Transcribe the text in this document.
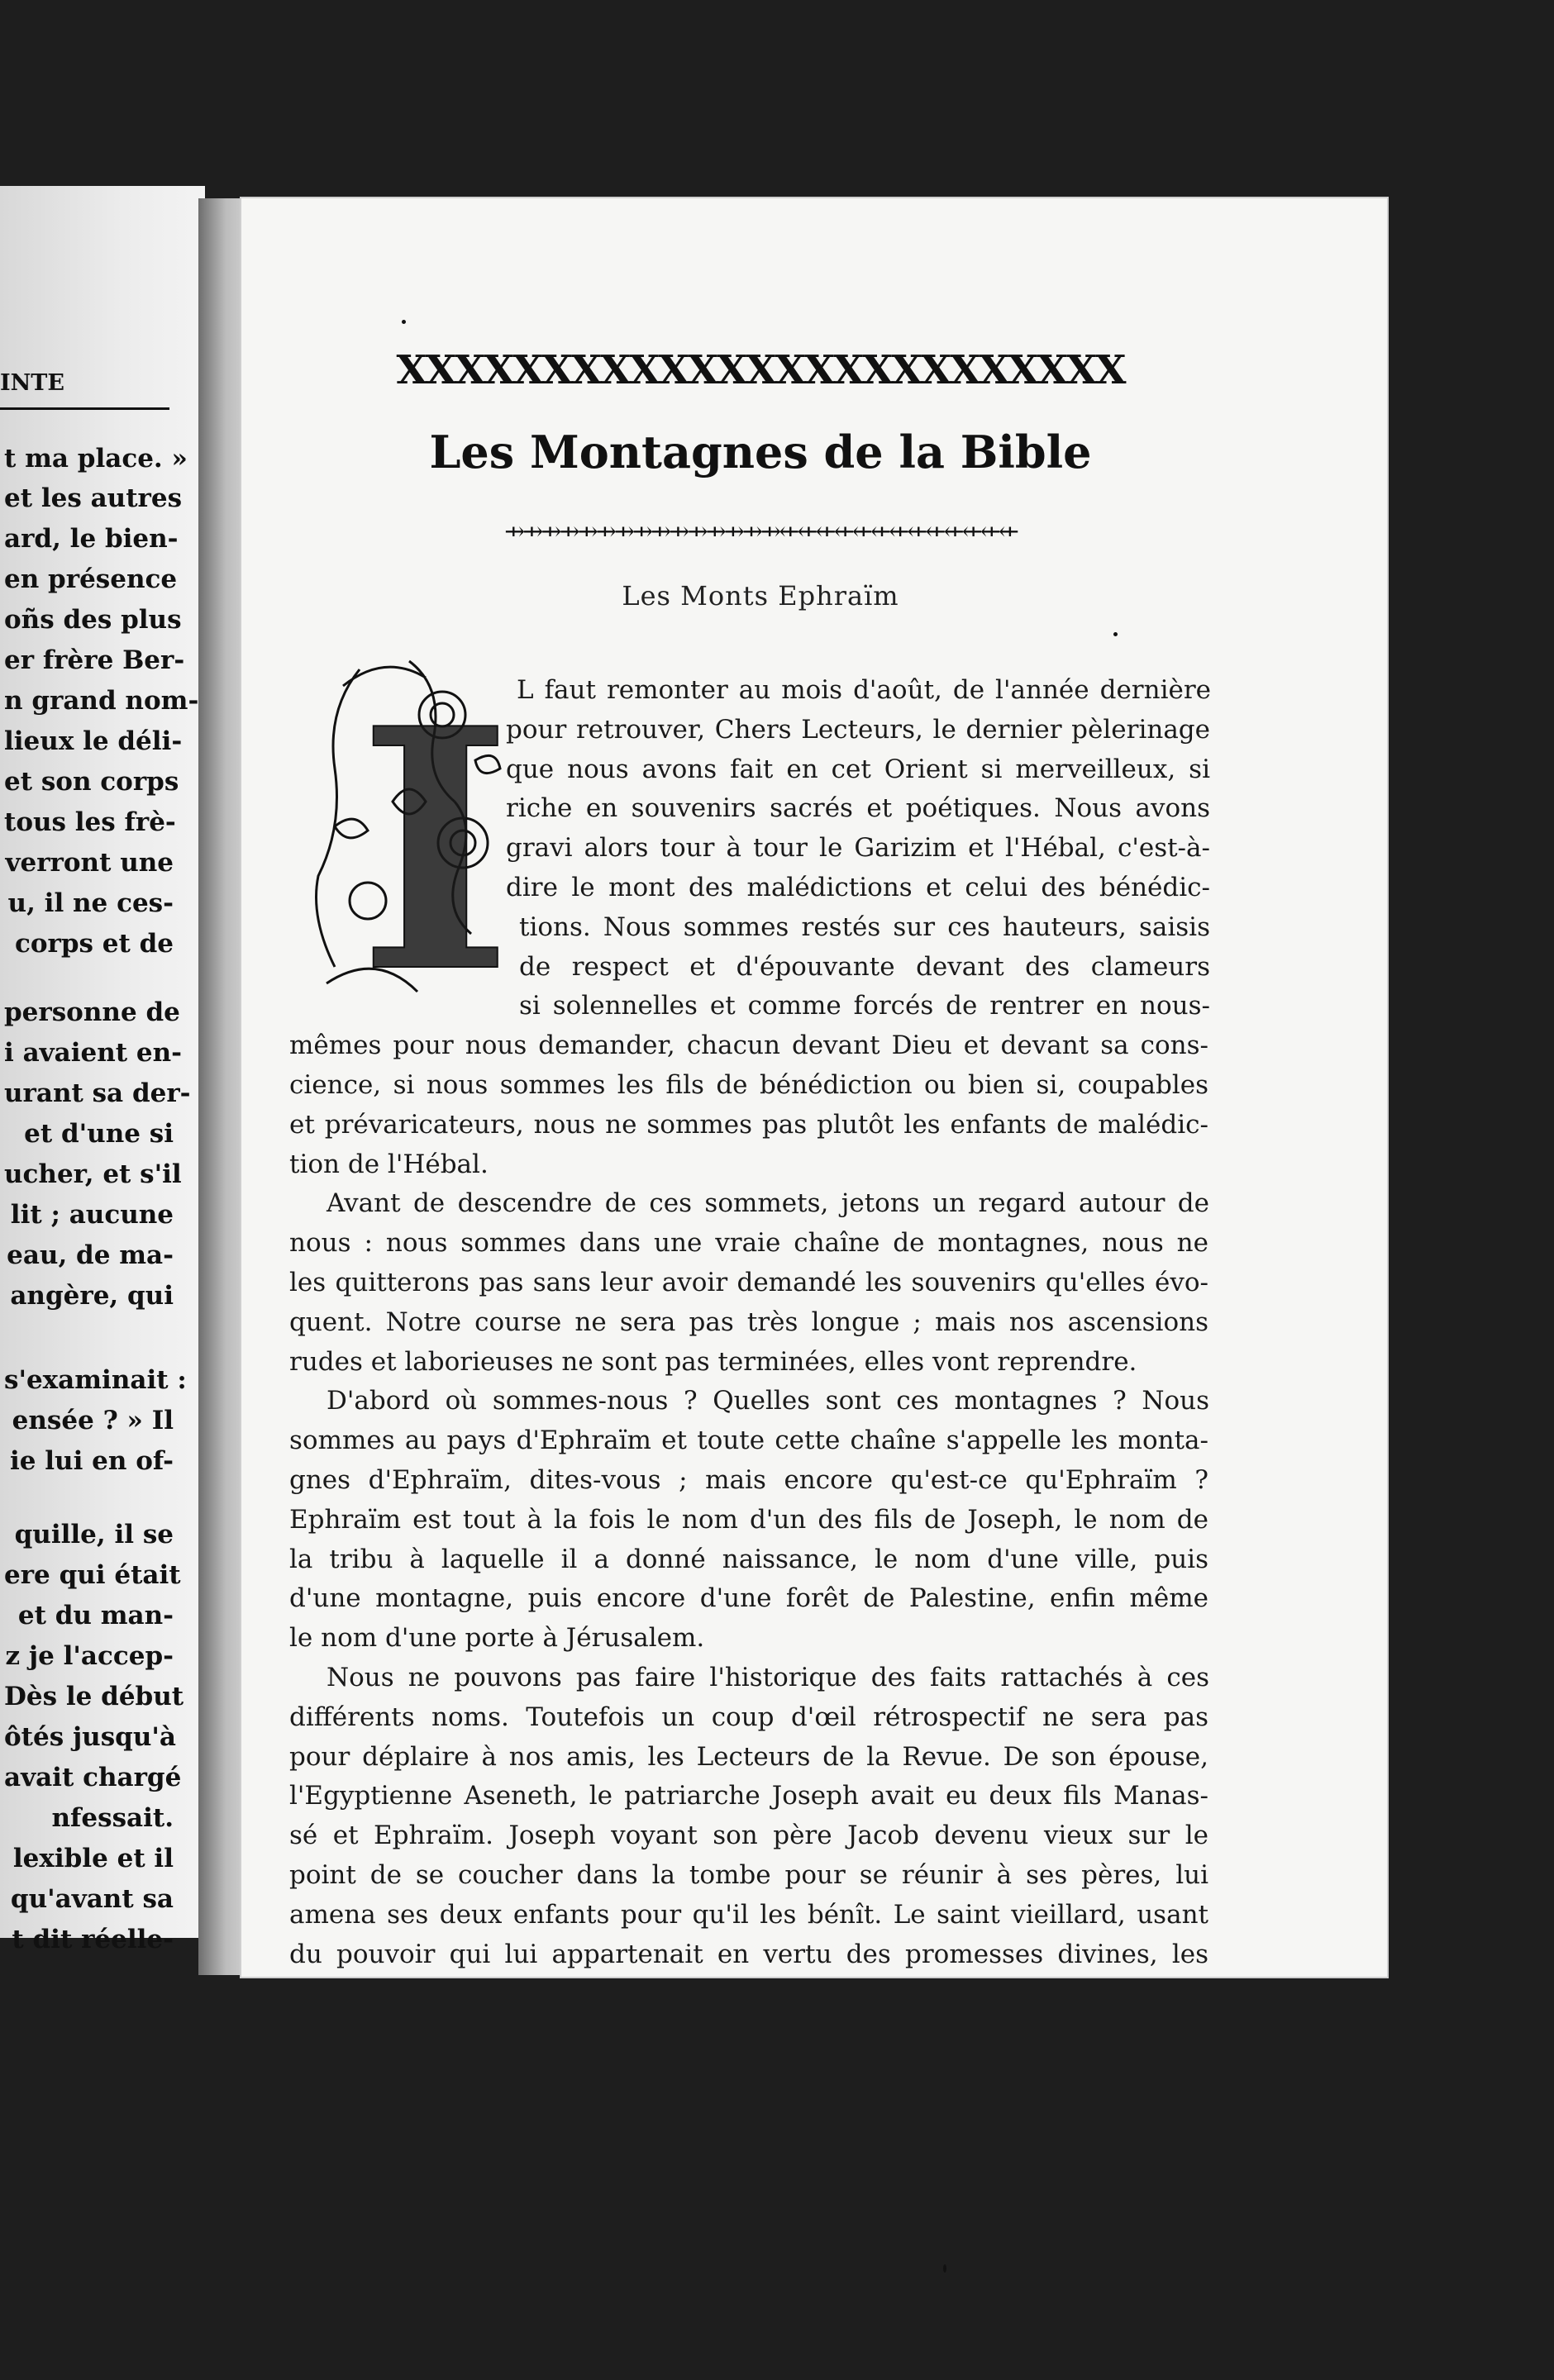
INTE
t ma place. »
et les autres
ard, le bien-
en présence
oñs des plus
er frère Ber-
n grand nom-
lieux le déli-
et son corps
tous les frè-
verront une
u, il ne ces-
corps et de
personne de
i avaient en-
urant sa der-
et d'une si
ucher, et s'il
lit ; aucune
eau, de ma-
angère, qui
s'examinait :
ensée ? » Il
ie lui en of-
quille, il se
ere qui était
et du man-
z je l'accep-
Dès le début
ôtés jusqu'à
avait chargé
nfessait.
lexible et il
qu'avant sa
t dit réelle-
XXXXXXXXXXXXXXXXXXXXXXXXX
Les Montagnes de la Bible
⇸⇸⇸⇸⇸⇸⇸⇸⇸⇸⇸⇸⇸⇸⇸⇷⇷⇷⇷⇷⇷⇷⇷⇷⇷⇷⇷⇷
Les Monts Ephraïm
I L faut remonter au mois d'août, de l'année dernière
pour retrouver, Chers Lecteurs, le dernier pèlerinage
que nous avons fait en cet Orient si merveilleux, si
riche en souvenirs sacrés et poétiques. Nous avons
gravi alors tour à tour le Garizim et l'Hébal, c'est-à-
dire le mont des malédictions et celui des bénédic-
tions. Nous sommes restés sur ces hauteurs, saisis
de respect et d'épouvante devant des clameurs
si solennelles et comme forcés de rentrer en nous-
mêmes pour nous demander, chacun devant Dieu et devant sa cons-
cience, si nous sommes les fils de bénédiction ou bien si, coupables
et prévaricateurs, nous ne sommes pas plutôt les enfants de malédic-
tion de l'Hébal.
Avant de descendre de ces sommets, jetons un regard autour de
nous : nous sommes dans une vraie chaîne de montagnes, nous ne
les quitterons pas sans leur avoir demandé les souvenirs qu'elles évo-
quent. Notre course ne sera pas très longue ; mais nos ascensions
rudes et laborieuses ne sont pas terminées, elles vont reprendre.
D'abord où sommes-nous ? Quelles sont ces montagnes ? Nous
sommes au pays d'Ephraïm et toute cette chaîne s'appelle les monta-
gnes d'Ephraïm, dites-vous ; mais encore qu'est-ce qu'Ephraïm ?
Ephraïm est tout à la fois le nom d'un des fils de Joseph, le nom de
la tribu à laquelle il a donné naissance, le nom d'une ville, puis
d'une montagne, puis encore d'une forêt de Palestine, enfin même
le nom d'une porte à Jérusalem.
Nous ne pouvons pas faire l'historique des faits rattachés à ces
différents noms. Toutefois un coup d'œil rétrospectif ne sera pas
pour déplaire à nos amis, les Lecteurs de la Revue. De son épouse,
l'Egyptienne Aseneth, le patriarche Joseph avait eu deux fils Manas-
sé et Ephraïm. Joseph voyant son père Jacob devenu vieux sur le
point de se coucher dans la tombe pour se réunir à ses pères, lui
amena ses deux enfants pour qu'il les bénît. Le saint vieillard, usant
du pouvoir qui lui appartenait en vertu des promesses divines, les
